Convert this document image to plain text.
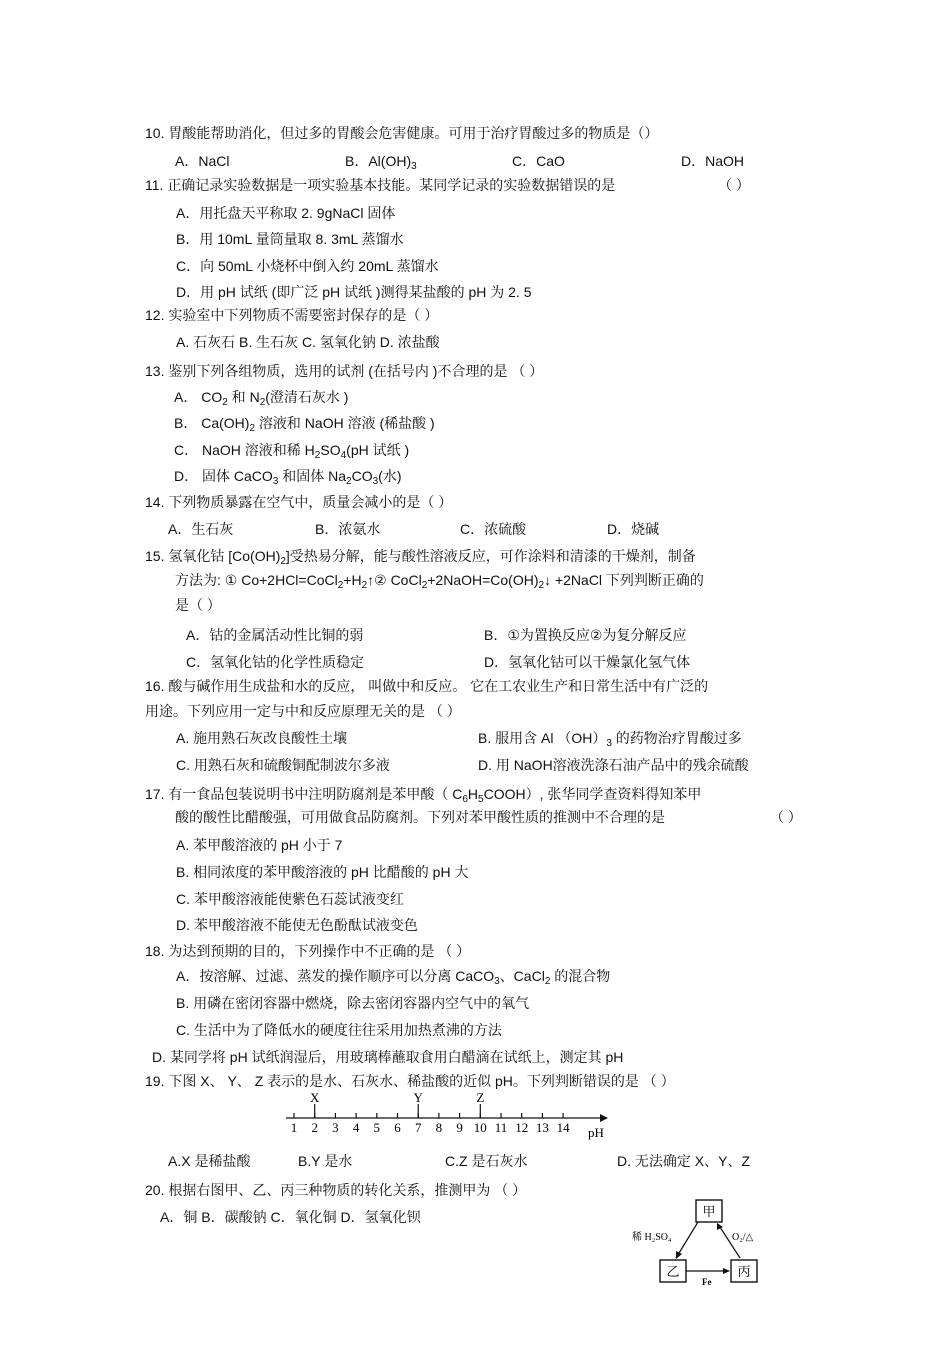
10. 胃酸能帮助消化，但过多的胃酸会危害健康。可用于治疗胃酸过多的物质是（）
A．NaCl	B．$Al(OH)_3$	C．CaO	D．NaOH
11. 正确记录实验数据是一项实验基本技能。某同学记录的实验数据错误的是	（ ）
A．用托盘天平称取 2. 9gNaCl 固体
B．用 10mL 量筒量取 8. 3mL 蒸馏水
C．向 50mL 小烧杯中倒入约 20mL 蒸馏水
D．用 pH 试纸 (即广泛 pH 试纸 )测得某盐酸的 pH 为 2. 5
12. 实验室中下列物质不需要密封保存的是（ ）
A. 石灰石 B. 生石灰 C. 氢氧化钠 D. 浓盐酸
13. 鉴别下列各组物质，选用的试剂 (在括号内 )不合理的是 （ ）
A． $CO_2$ 和 $N_2$(澄清石灰水 )
B． $Ca(OH)_2$ 溶液和 NaOH 溶液 (稀盐酸 )
C． NaOH 溶液和稀 $H_2SO_4(pH$ 试纸 )
D． 固体 CaCO$_3$ 和固体 $Na_2CO_3$(水)
14. 下列物质暴露在空气中，质量会减小的是（ ）
A．生石灰	B．浓氨水	C．浓硫酸	D．烧碱
15. 氢氧化钴 $[Co(OH)_2]$受热易分解，能与酸性溶液反应，可作涂料和清漆的干燥剂，制备
方法为: ① $Co+2HCl=CoCl_2+H_2↑②$ $CoCl_2+2NaOH=Co(OH)_2↓$ +2NaCl 下列判断正确的
是（ ）
A．钴的金属活动性比铜的弱	B．①为置换反应②为复分解反应
C．氢氧化钴的化学性质稳定	D．氢氧化钴可以干燥氯化氢气体
16. 酸与碱作用生成盐和水的反应， 叫做中和反应。 它在工农业生产和日常生活中有广泛的
用途。下列应用一定与中和反应原理无关的是 （ ）
A. 施用熟石灰改良酸性土壤	B. 服用含 Al $(OH)_3$ 的药物治疗胃酸过多
C. 用熟石灰和硫酸铜配制波尔多液	D. 用 NaOH溶液洗涤石油产品中的残余硫酸
17. 有一食品包装说明书中注明防腐剂是苯甲酸（ $C_6H_5COOH$）, 张华同学查资料得知苯甲
酸的酸性比醋酸强，可用做食品防腐剂。下列对苯甲酸性质的推测中不合理的是	（ ）
A. 苯甲酸溶液的 pH 小于 7
B. 相同浓度的苯甲酸溶液的 pH 比醋酸的 pH 大
C. 苯甲酸溶液能使紫色石蕊试液变红
D. 苯甲酸溶液不能使无色酚酞试液变色
18. 为达到预期的目的，下列操作中不正确的是 （ ）
A．按溶解、过滤、蒸发的操作顺序可以分离 CaCO$_3$、CaCl$_2$ 的混合物
B. 用磷在密闭容器中燃烧，除去密闭容器内空气中的氧气
C. 生活中为了降低水的硬度往往采用加热煮沸的方法
D. 某同学将 pH 试纸润湿后，用玻璃棒蘸取食用白醋滴在试纸上，测定其 pH
19. 下图 X、 Y、 Z 表示的是水、石灰水、稀盐酸的近似 pH。下列判断错误的是 （ ）
1 2 3 4 5 6 7 8 9 10 11 12 13 14
X	Y	Z
pH
A.X 是稀盐酸	B.Y 是水	C.Z 是石灰水	D. 无法确定 X、Y、Z
20. 根据右图甲、乙、丙三种物质的转化关系，推测甲为 （ ）
A．铜 B．碳酸钠 C．氧化铜 D．氢氧化钡	甲
乙	丙
稀 H₂SO₄	O₂/△
Fe
